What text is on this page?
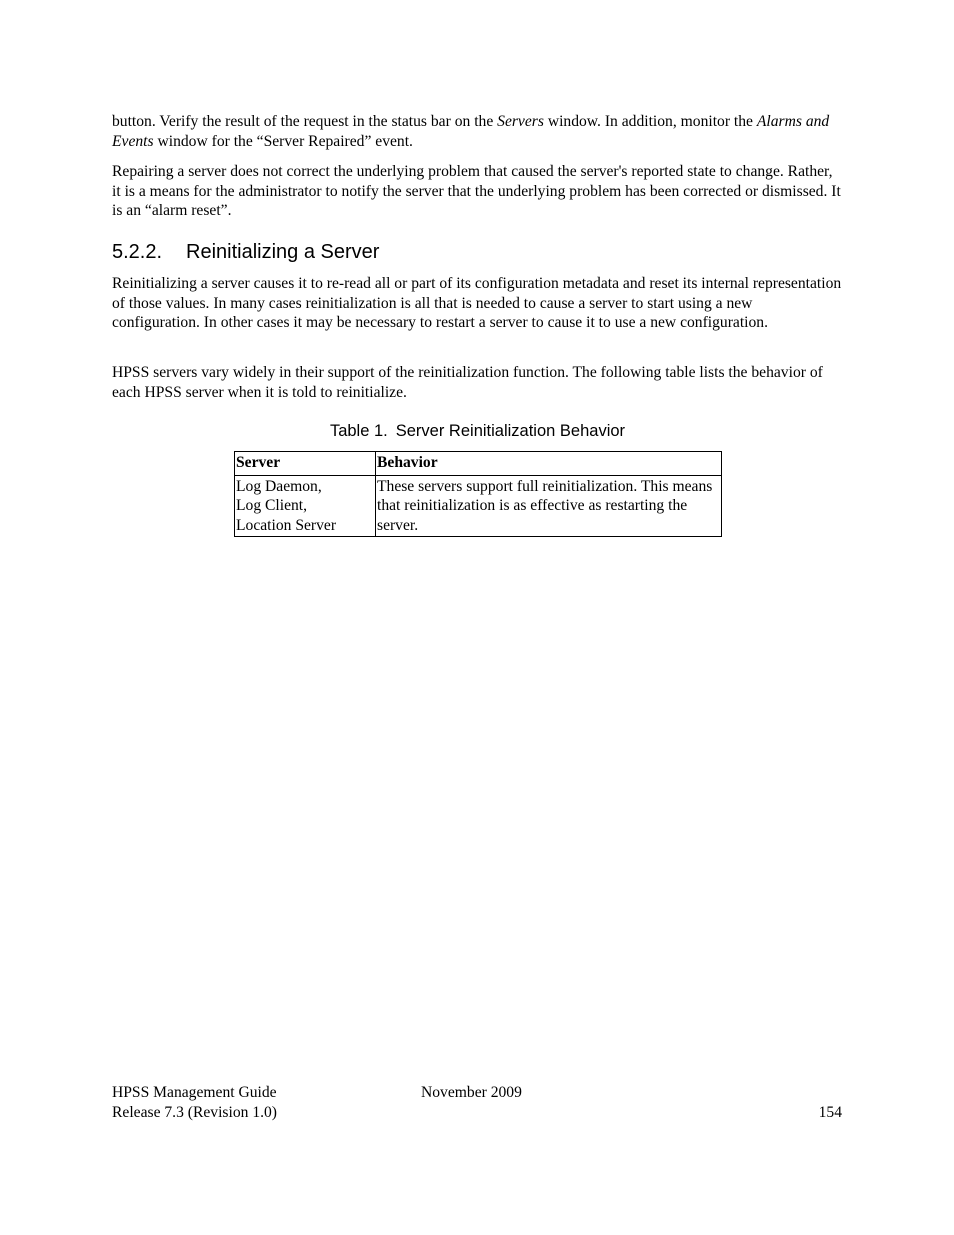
button. Verify the result of the request in the status bar on the Servers window. In addition, monitor the Alarms and Events window for the “Server Repaired” event.

Repairing a server does not correct the underlying problem that caused the server's reported state to change. Rather, it is a means for the administrator to notify the server that the underlying problem has been corrected or dismissed. It is an “alarm reset”.

5.2.2. Reinitializing a Server

Reinitializing a server causes it to re-read all or part of its configuration metadata and reset its internal representation of those values. In many cases reinitialization is all that is needed to cause a server to start using a new configuration. In other cases it may be necessary to restart a server to cause it to use a new configuration.

HPSS servers vary widely in their support of the reinitialization function. The following table lists the behavior of each HPSS server when it is told to reinitialize.

Table 1. Server Reinitialization Behavior
Server	Behavior
Log Daemon,
Log Client,
Location Server	These servers support full reinitialization. This means that reinitialization is as effective as restarting the server.
HPSS Management Guide
Release 7.3 (Revision 1.0)
November 2009
154
